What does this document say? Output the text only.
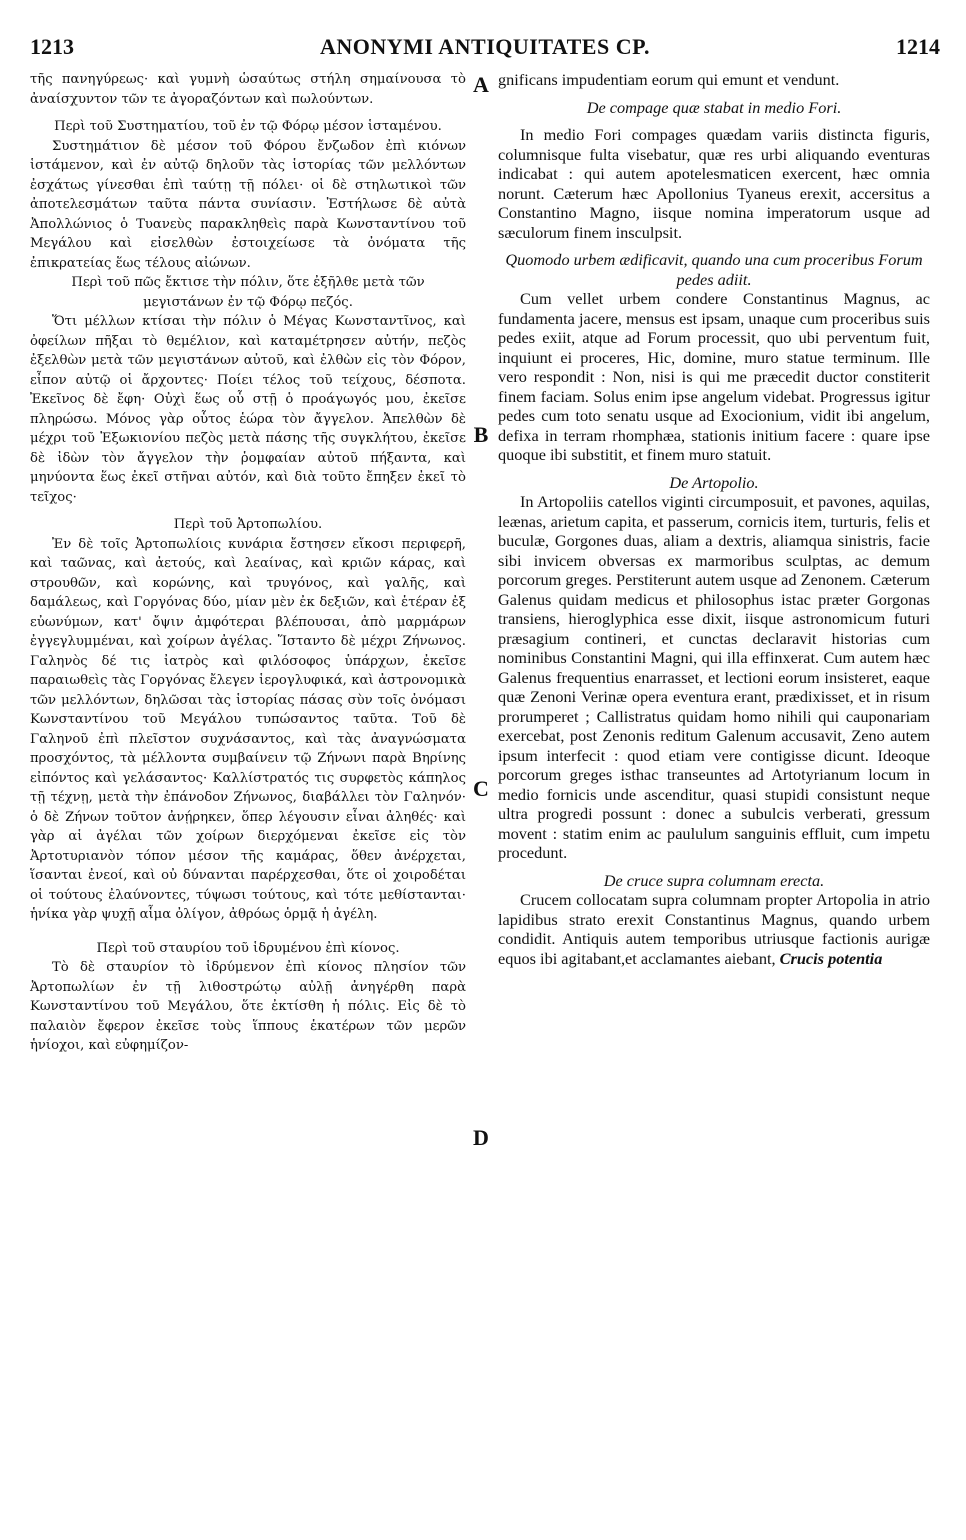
1213	ANONYMI ANTIQUITATES CP.	1214
A
B
C
D

τῆς πανηγύρεως· καὶ γυμνὴ ὡσαύτως στήλη σημαίνουσα τὸ ἀναίσχυντον τῶν τε ἀγοραζόντων καὶ πωλούντων.

Περὶ τοῦ Συστηματίου, τοῦ ἐν τῷ Φόρῳ μέσον ἱσταμένου.

Συστημάτιον δὲ μέσον τοῦ Φόρου ἔνζωδον ἐπὶ κιόνων ἱστάμενον, καὶ ἐν αὐτῷ δηλοῦν τὰς ἱστορίας τῶν μελλόντων ἐσχάτως γίνεσθαι ἐπὶ ταύτῃ τῇ πόλει· οἱ δὲ στηλωτικοὶ τῶν ἀποτελεσμάτων ταῦτα πάντα συνίασιν. Ἐστήλωσε δὲ αὐτὰ Ἀπολλώνιος ὁ Τυανεὺς παρακληθεὶς παρὰ Κωνσταντίνου τοῦ Μεγάλου καὶ εἰσελθὼν ἐστοιχείωσε τὰ ὀνόματα τῆς ἐπικρατείας ἕως τέλους αἰώνων.

Περὶ τοῦ πῶς ἔκτισε τὴν πόλιν, ὅτε ἐξῆλθε μετὰ τῶν μεγιστάνων ἐν τῷ Φόρῳ πεζός.

Ὅτι μέλλων κτίσαι τὴν πόλιν ὁ Μέγας Κωνσταντῖνος, καὶ ὀφείλων πῆξαι τὸ θεμέλιον, καὶ καταμέτρησεν αὐτήν, πεζὸς ἐξελθὼν μετὰ τῶν μεγιστάνων αὐτοῦ, καὶ ἐλθὼν εἰς τὸν Φόρον, εἶπον αὐτῷ οἱ ἄρχοντες· Ποίει τέλος τοῦ τείχους, δέσποτα. Ἐκεῖνος δὲ ἔφη· Οὐχὶ ἕως οὗ στῇ ὁ προάγωγός μου, ἐκεῖσε πληρώσω. Μόνος γὰρ οὗτος ἑώρα τὸν ἄγγελον. Ἀπελθὼν δὲ μέχρι τοῦ Ἐξωκιονίου πεζὸς μετὰ πάσης τῆς συγκλήτου, ἐκεῖσε δὲ ἰδὼν τὸν ἄγγελον τὴν ῥομφαίαν αὐτοῦ πήξαντα, καὶ μηνύοντα ἕως ἐκεῖ στῆναι αὐτόν, καὶ διὰ τοῦτο ἔπηξεν ἐκεῖ τὸ τεῖχος·

Περὶ τοῦ Ἀρτοπωλίου.

Ἐν δὲ τοῖς Ἀρτοπωλίοις κυνάρια ἔστησεν εἴκοσι περιφερῆ, καὶ ταῶνας, καὶ ἀετούς, καὶ λεαίνας, καὶ κριῶν κάρας, καὶ στρουθῶν, καὶ κορώνης, καὶ τρυγόνος, καὶ γαλῆς, καὶ δαμάλεως, καὶ Γοργόνας δύο, μίαν μὲν ἐκ δεξιῶν, καὶ ἑτέραν ἐξ εὐωνύμων, κατ' ὄψιν ἀμφότεραι βλέπουσαι, ἀπὸ μαρμάρων ἐγγεγλυμμέναι, καὶ χοίρων ἀγέλας. Ἵσταντο δὲ μέχρι Ζήνωνος. Γαληνὸς δέ τις ἰατρὸς καὶ φιλόσοφος ὑπάρχων, ἐκεῖσε παραιωθεὶς τὰς Γοργόνας ἔλεγεν ἱερογλυφικά, καὶ ἀστρονομικὰ τῶν μελλόντων, δηλῶσαι τὰς ἱστορίας πάσας σὺν τοῖς ὀνόμασι Κωνσταντίνου τοῦ Μεγάλου τυπώσαντος ταῦτα. Τοῦ δὲ Γαληνοῦ ἐπὶ πλεῖστον συχνάσαντος, καὶ τὰς ἀναγνώσματα προσχόντος, τὰ μέλλοντα συμβαίνειν τῷ Ζήνωνι παρὰ Βηρίνης εἰπόντος καὶ γελάσαντος· Καλλίστρατός τις συρφετὸς κάπηλος τῇ τέχνῃ, μετὰ τὴν ἐπάνοδον Ζήνωνος, διαβάλλει τὸν Γαληνόν· ὁ δὲ Ζήνων τοῦτον ἀνῄρηκεν, ὅπερ λέγουσιν εἶναι ἀληθές· καὶ γὰρ αἱ ἀγέλαι τῶν χοίρων διερχόμεναι ἐκεῖσε εἰς τὸν Ἀρτοτυριανὸν τόπον μέσον τῆς καμάρας, ὅθεν ἀνέρχεται, ἵσανται ἐνεοί, καὶ οὐ δύνανται παρέρχεσθαι, ὅτε οἱ χοιροδέται οἱ τούτους ἐλαύνοντες, τύψωσι τούτους, καὶ τότε μεθίστανται· ἡνίκα γὰρ ψυχῇ αἷμα ὀλίγον, ἀθρόως ὁρμᾷ ἡ ἀγέλη.

Περὶ τοῦ σταυρίου τοῦ ἱδρυμένου ἐπὶ κίονος.

Τὸ δὲ σταυρίον τὸ ἱδρύμενον ἐπὶ κίονος πλησίον τῶν Ἀρτοπωλίων ἐν τῇ λιθοστρώτῳ αὐλῇ ἀνηγέρθη παρὰ Κωνσταντίνου τοῦ Μεγάλου, ὅτε ἐκτίσθη ἡ πόλις. Εἰς δὲ τὸ παλαιὸν ἔφερον ἐκεῖσε τοὺς ἵππους ἑκατέρων τῶν μερῶν ἡνίοχοι, καὶ εὐφημίζον-

gnificans impudentiam eorum qui emunt et vendunt.

De compage quæ stabat in medio Fori.

In medio Fori compages quædam variis distincta figuris, columnisque fulta visebatur, quæ res urbi aliquando eventuras indicabat : qui autem apotelesmaticen exercent, hæc omnia norunt. Cæterum hæc Apollonius Tyaneus erexit, accersitus a Constantino Magno, iisque nomina imperatorum usque ad sæculorum finem insculpsit.

Quomodo urbem ædificavit, quando una cum proceribus Forum pedes adiit.

Cum vellet urbem condere Constantinus Magnus, ac fundamenta jacere, mensus est ipsam, unaque cum proceribus suis pedes exiit, atque ad Forum processit, quo ubi perventum fuit, inquiunt ei proceres, Hic, domine, muro statue terminum. Ille vero respondit : Non, nisi is qui me præcedit ductor constiterit finem faciam. Solus enim ipse angelum videbat. Progressus igitur pedes cum toto senatu usque ad Exocionium, vidit ibi angelum, defixa in terram rhomphæa, stationis initium facere : quare ipse quoque ibi substitit, et finem muro statuit.

De Artopolio.

In Artopoliis catellos viginti circumposuit, et pavones, aquilas, leænas, arietum capita, et passerum, cornicis item, turturis, felis et buculæ, Gorgones duas, aliam a dextris, aliamqua sinistris, facie sibi invicem obversas ex marmoribus sculptas, ac demum porcorum greges. Perstiterunt autem usque ad Zenonem. Cæterum Galenus quidam medicus et philosophus istac præter Gorgonas transiens, hieroglyphica esse dixit, iisque astronomicum futuri præsagium contineri, et cunctas declaravit historias cum nominibus Constantini Magni, qui illa effinxerat. Cum autem hæc Galenus frequentius enarrasset, et lectioni eorum insisteret, eaque quæ Zenoni Verinæ opera eventura erant, prædixisset, et in risum prorumperet ; Callistratus quidam homo nihili qui cauponariam exercebat, post Zenonis reditum Galenum accusavit, Zeno autem ipsum interfecit : quod etiam vere contigisse dicunt. Ideoque porcorum greges isthac transeuntes ad Artotyrianum locum in medio fornicis unde ascenditur, quasi stupidi consistunt neque ultra progredi possunt : donec a subulcis verberati, gressum movent : statim enim ac paululum sanguinis effluit, cum impetu procedunt.

De cruce supra columnam erecta.

Crucem collocatam supra columnam propter Artopolia in atrio lapidibus strato erexit Constantinus Magnus, quando urbem condidit. Antiquis autem temporibus utriusque factionis aurigæ equos ibi agitabant,et acclamantes aiebant, Crucis potentia
